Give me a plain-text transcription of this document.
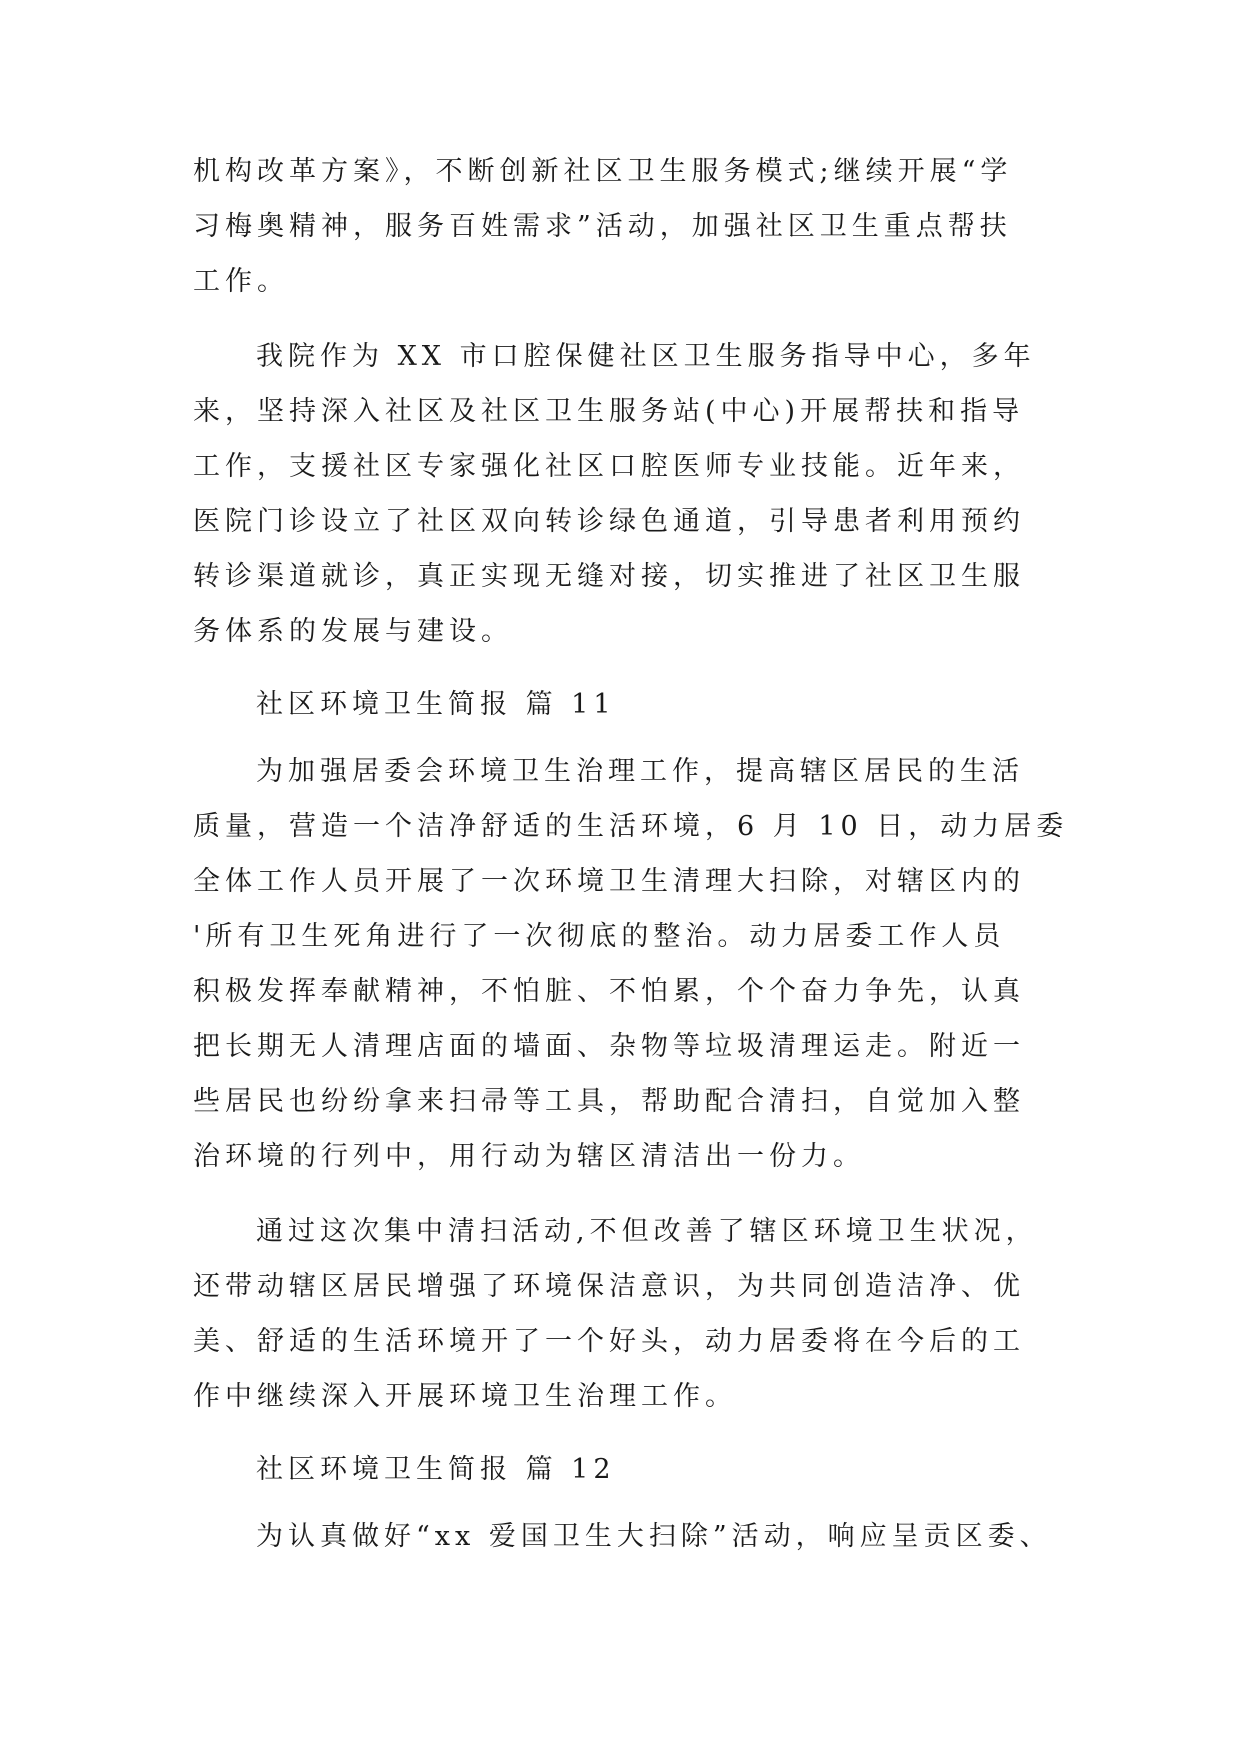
机构改革方案》，不断创新社区卫生服务模式;继续开展“学
习梅奥精神，服务百姓需求”活动，加强社区卫生重点帮扶
工作。
我院作为 XX 市口腔保健社区卫生服务指导中心，多年
来，坚持深入社区及社区卫生服务站(中心)开展帮扶和指导
工作，支援社区专家强化社区口腔医师专业技能。近年来，
医院门诊设立了社区双向转诊绿色通道，引导患者利用预约
转诊渠道就诊，真正实现无缝对接，切实推进了社区卫生服
务体系的发展与建设。
社区环境卫生简报 篇 11
为加强居委会环境卫生治理工作，提高辖区居民的生活
质量，营造一个洁净舒适的生活环境，6 月 10 日，动力居委
全体工作人员开展了一次环境卫生清理大扫除，对辖区内的
'所有卫生死角进行了一次彻底的整治。动力居委工作人员
积极发挥奉献精神，不怕脏、不怕累，个个奋力争先，认真
把长期无人清理店面的墙面、杂物等垃圾清理运走。附近一
些居民也纷纷拿来扫帚等工具，帮助配合清扫，自觉加入整
治环境的行列中，用行动为辖区清洁出一份力。
通过这次集中清扫活动,不但改善了辖区环境卫生状况，
还带动辖区居民增强了环境保洁意识，为共同创造洁净、优
美、舒适的生活环境开了一个好头，动力居委将在今后的工
作中继续深入开展环境卫生治理工作。
社区环境卫生简报 篇 12
为认真做好“xx 爱国卫生大扫除”活动，响应呈贡区委、
